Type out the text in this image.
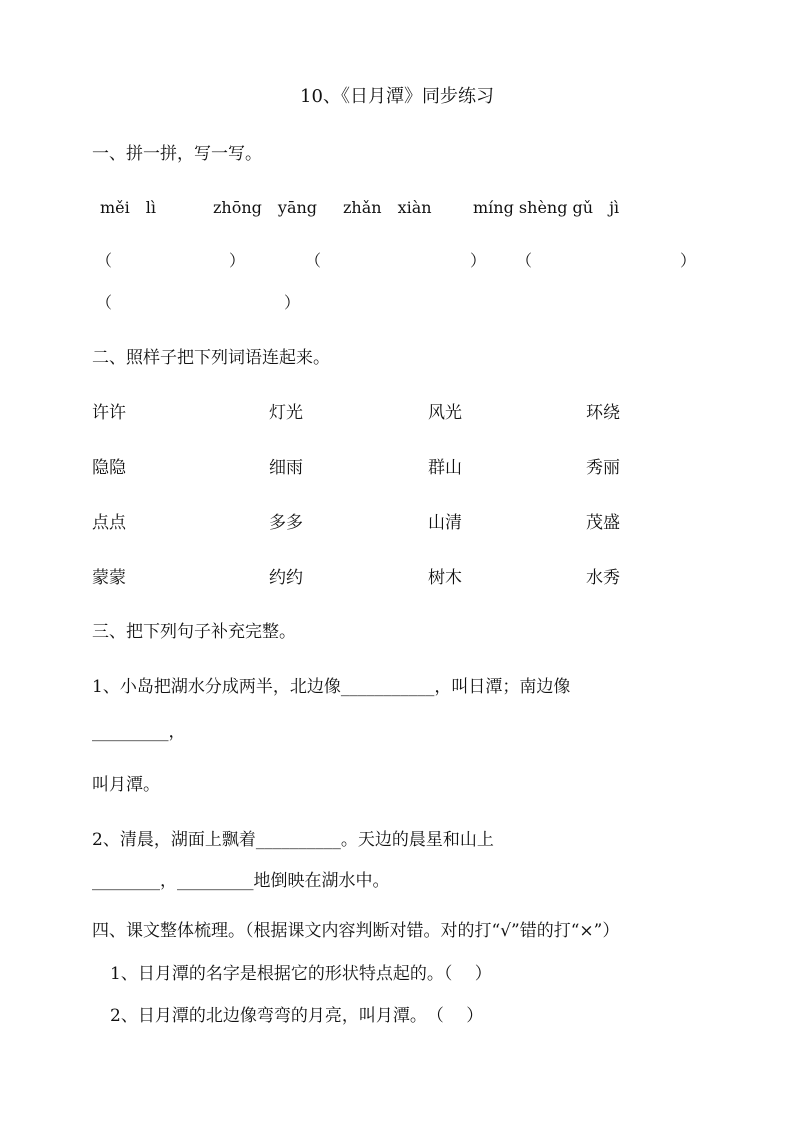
10、《日月潭》同步练习
一、拼一拼，写一写。
měi　lì	zhōng　yāng zhǎn　xiàn	míng shèng gǔ　jì
（	）	（	） （	）
（	）
二、照样子把下列词语连起来。
许许	灯光	风光	环绕
隐隐	细雨	群山	秀丽
点点	多多	山清	茂盛
蒙蒙	约约	树木	水秀
三、把下列句子补充完整。
1、小岛把湖水分成两半，北边像___________，叫日潭；南边像
_________，
叫月潭。
2、清晨，湖面上飘着__________。天边的晨星和山上
________，_________地倒映在湖水中。
四、课文整体梳理。（根据课文内容判断对错。对的打“√”错的打“×”）
1、日月潭的名字是根据它的形状特点起的。（　 ）
2、日月潭的北边像弯弯的月亮，叫月潭。　（　 ）
